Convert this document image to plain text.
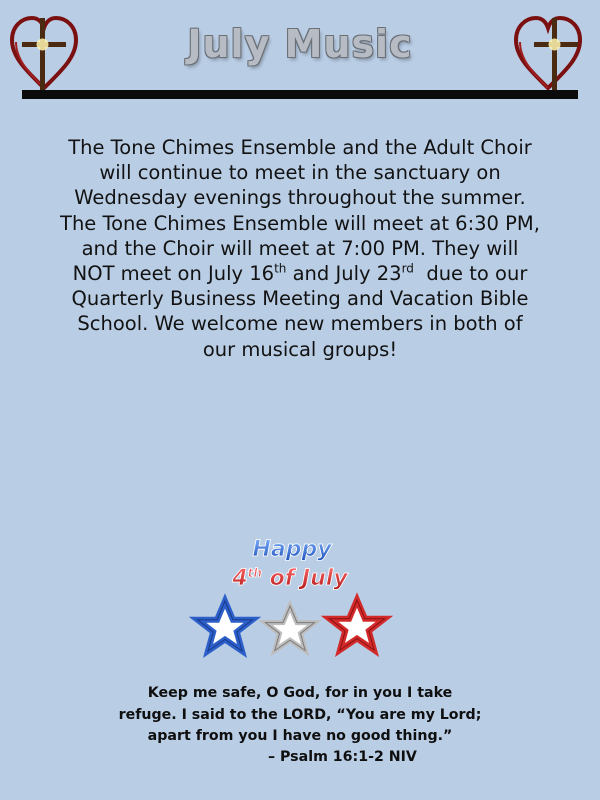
July Music
The Tone Chimes Ensemble and the Adult Choir
will continue to meet in the sanctuary on
Wednesday evenings throughout the summer.
The Tone Chimes Ensemble will meet at 6:30 PM,
and the Choir will meet at 7:00 PM. They will
NOT meet on July 16th and July 23rd  due to our
Quarterly Business Meeting and Vacation Bible
School. We welcome new members in both of
our musical groups!
Happy
4th of July
Keep me safe, O God, for in you I take
refuge. I said to the LORD, “You are my Lord;
apart from you I have no good thing.”
– Psalm 16:1-2 NIV
